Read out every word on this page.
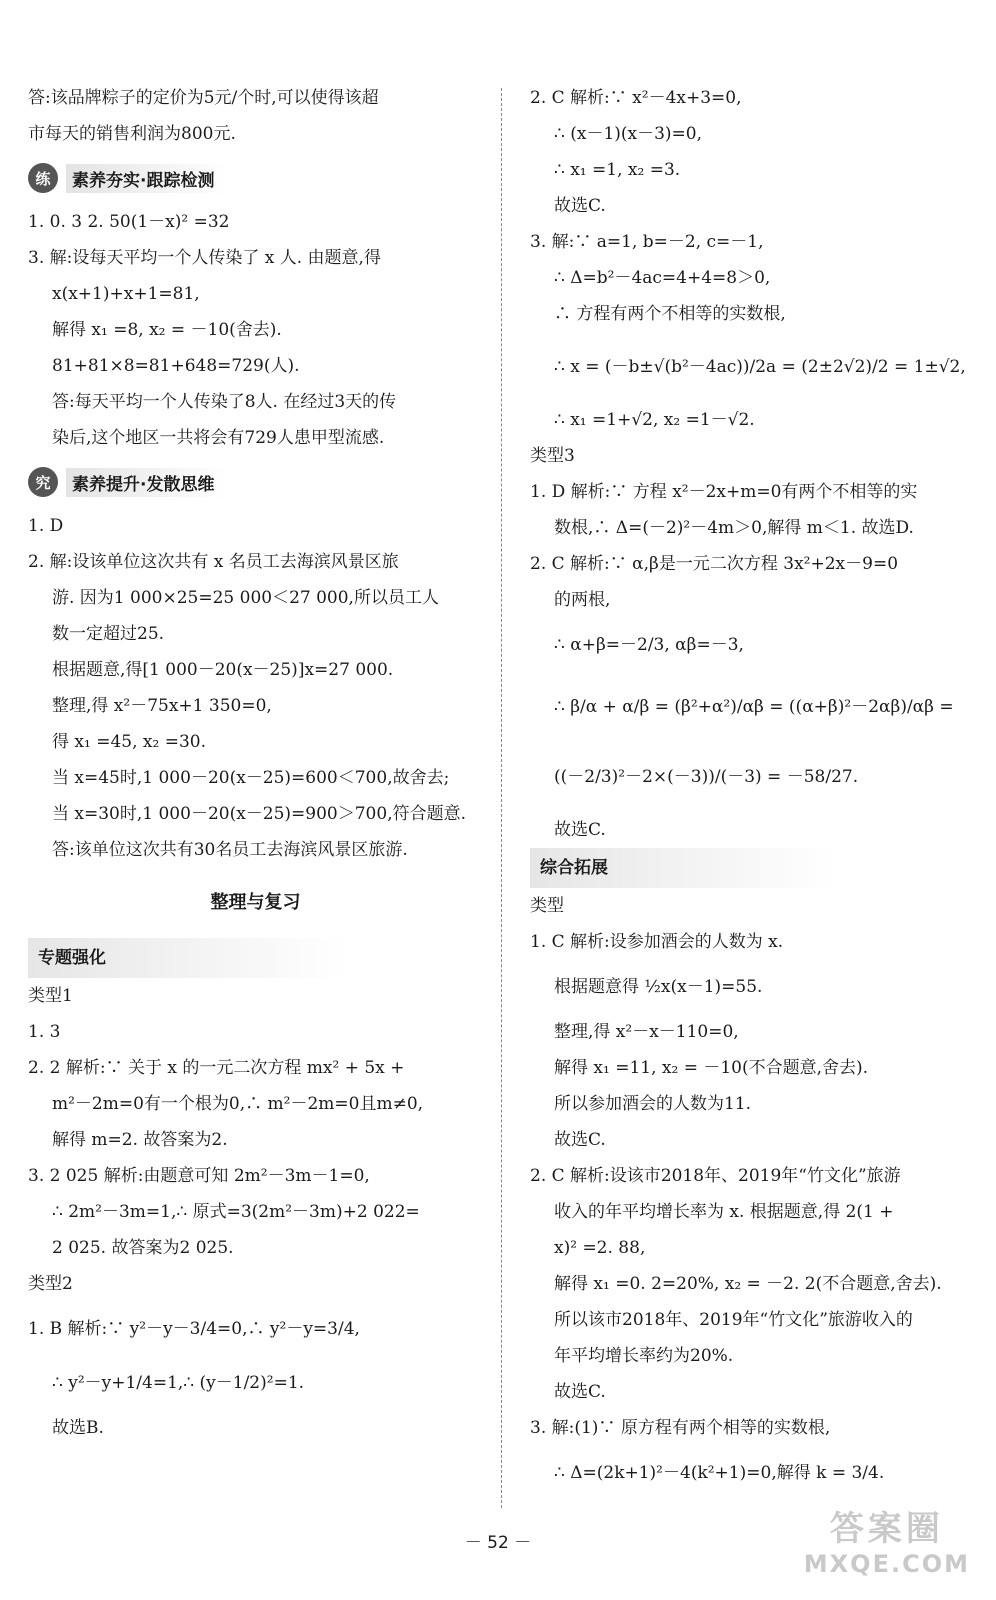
答:该品牌粽子的定价为5元/个时,可以使得该超
市每天的销售利润为800元.
练	素养夯实·跟踪检测
1. 0. 3 2. 50(1－x)² =32
3. 解:设每天平均一个人传染了 x 人. 由题意,得
x(x+1)+x+1=81,
解得 x₁ =8, x₂ = －10(舍去).
81+81×8=81+648=729(人).
答:每天平均一个人传染了8人. 在经过3天的传
染后,这个地区一共将会有729人患甲型流感.
究	素养提升·发散思维
1. D
2. 解:设该单位这次共有 x 名员工去海滨风景区旅
游. 因为1 000×25=25 000＜27 000,所以员工人
数一定超过25.
根据题意,得[1 000－20(x－25)]x=27 000.
整理,得 x²－75x+1 350=0,
得 x₁ =45, x₂ =30.
当 x=45时,1 000－20(x－25)=600＜700,故舍去;
当 x=30时,1 000－20(x－25)=900＞700,符合题意.
答:该单位这次共有30名员工去海滨风景区旅游.
整理与复习
专题强化
类型1
1. 3
2. 2 解析:∵ 关于 x 的一元二次方程 mx² + 5x +
m²－2m=0有一个根为0,∴ m²－2m=0且m≠0,
解得 m=2. 故答案为2.
3. 2 025 解析:由题意可知 2m²－3m－1=0,
∴ 2m²－3m=1,∴ 原式=3(2m²－3m)+2 022=
2 025. 故答案为2 025.
类型2
1. B 解析:∵ y²－y－3/4=0,∴ y²－y=3/4,
∴ y²－y+1/4=1,∴ (y－1/2)²=1.
故选B.
2. C 解析:∵ x²－4x+3=0,
∴ (x－1)(x－3)=0,
∴ x₁ =1, x₂ =3.
故选C.
3. 解:∵ a=1, b=－2, c=－1,
∴ Δ=b²－4ac=4+4=8＞0,
∴ 方程有两个不相等的实数根,
∴ x = (－b±√(b²－4ac))/2a = (2±2√2)/2 = 1±√2,
∴ x₁ =1+√2, x₂ =1－√2.
类型3
1. D 解析:∵ 方程 x²－2x+m=0有两个不相等的实
数根,∴ Δ=(－2)²－4m＞0,解得 m＜1. 故选D.
2. C 解析:∵ α,β是一元二次方程 3x²+2x－9=0
的两根,
∴ α+β=－2/3, αβ=－3,
∴ β/α + α/β = (β²+α²)/αβ = ((α+β)²－2αβ)/αβ =
((－2/3)²－2×(－3))/(－3) = －58/27.
故选C.
综合拓展
类型
1. C 解析:设参加酒会的人数为 x.
根据题意得 ½x(x－1)=55.
整理,得 x²－x－110=0,
解得 x₁ =11, x₂ = －10(不合题意,舍去).
所以参加酒会的人数为11.
故选C.
2. C 解析:设该市2018年、2019年“竹文化”旅游
收入的年平均增长率为 x. 根据题意,得 2(1 +
x)² =2. 88,
解得 x₁ =0. 2=20%, x₂ = －2. 2(不合题意,舍去).
所以该市2018年、2019年“竹文化”旅游收入的
年平均增长率约为20%.
故选C.
3. 解:(1)∵ 原方程有两个相等的实数根,
∴ Δ=(2k+1)²－4(k²+1)=0,解得 k = 3/4.
－ 52 －	答案圈
MXQE.COM
